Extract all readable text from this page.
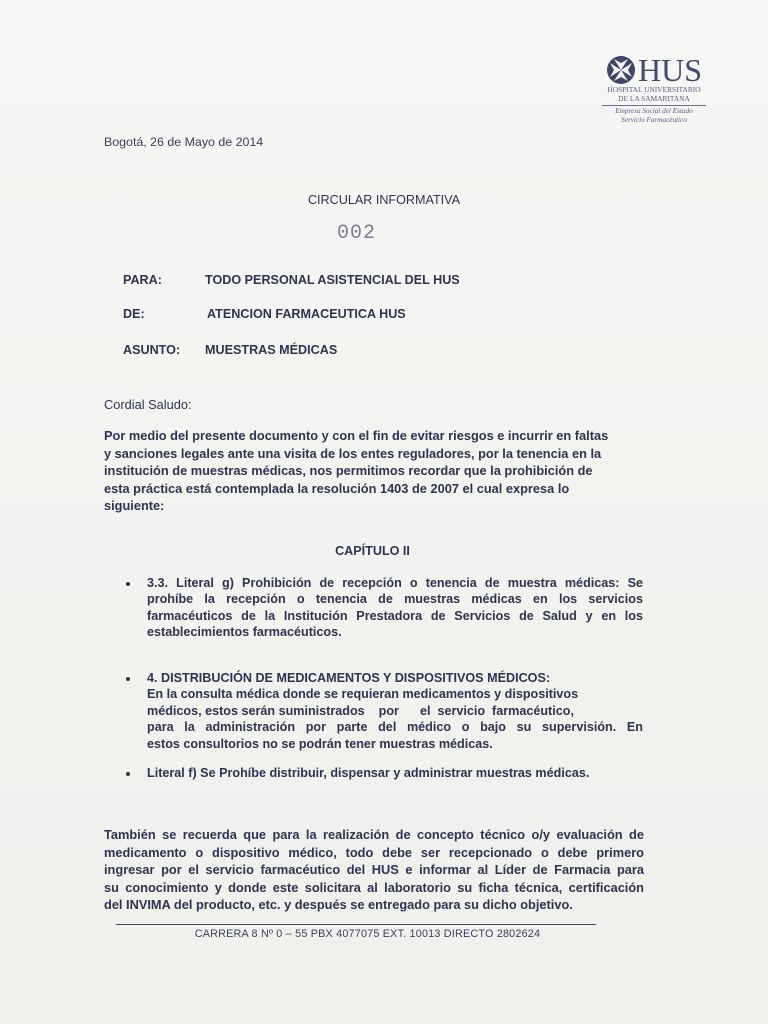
HUS
HOSPITAL UNIVERSITARIO
DE LA SAMARITANA
Empresa Social del Estado
Servicio Farmacéutico
Bogotá, 26 de Mayo de 2014
CIRCULAR INFORMATIVA
002
PARA:	TODO PERSONAL ASISTENCIAL DEL HUS
DE:	ATENCION FARMACEUTICA HUS
ASUNTO: MUESTRAS MÉDICAS
Cordial Saludo:
Por medio del presente documento y con el fin de evitar riesgos e incurrir en faltas
y sanciones legales ante una visita de los entes reguladores, por la tenencia en la
institución de muestras médicas, nos permitimos recordar que la prohibición de
esta práctica está contemplada la resolución 1403 de 2007 el cual expresa lo
siguiente:
CAPÍTULO II
3.3. Literal g) Prohibición de recepción o tenencia de muestra médicas: Se
prohíbe la recepción o tenencia de muestras médicas en los servicios
farmacéuticos de la Institución Prestadora de Servicios de Salud y en los
establecimientos farmacéuticos.
4. DISTRIBUCIÓN DE MEDICAMENTOS Y DISPOSITIVOS MÉDICOS:
En la consulta médica donde se requieran medicamentos y dispositivos
médicos, estos serán suministrados    por      el  servicio  farmacéutico,
para la administración por parte del médico o bajo su supervisión. En
estos consultorios no se podrán tener muestras médicas.
Literal f) Se Prohíbe distribuir, dispensar y administrar muestras médicas.
También se recuerda que para la realización de concepto técnico o/y evaluación de
medicamento o dispositivo médico, todo debe ser recepcionado o debe primero
ingresar por el servicio farmacéutico del HUS e informar al Líder de Farmacia para
su conocimiento y donde este solicitara al laboratorio su ficha técnica, certificación
del INVIMA del producto, etc. y después se entregado para su dicho objetivo.
CARRERA 8 Nº 0 – 55 PBX 4077075 EXT. 10013 DIRECTO 2802624
